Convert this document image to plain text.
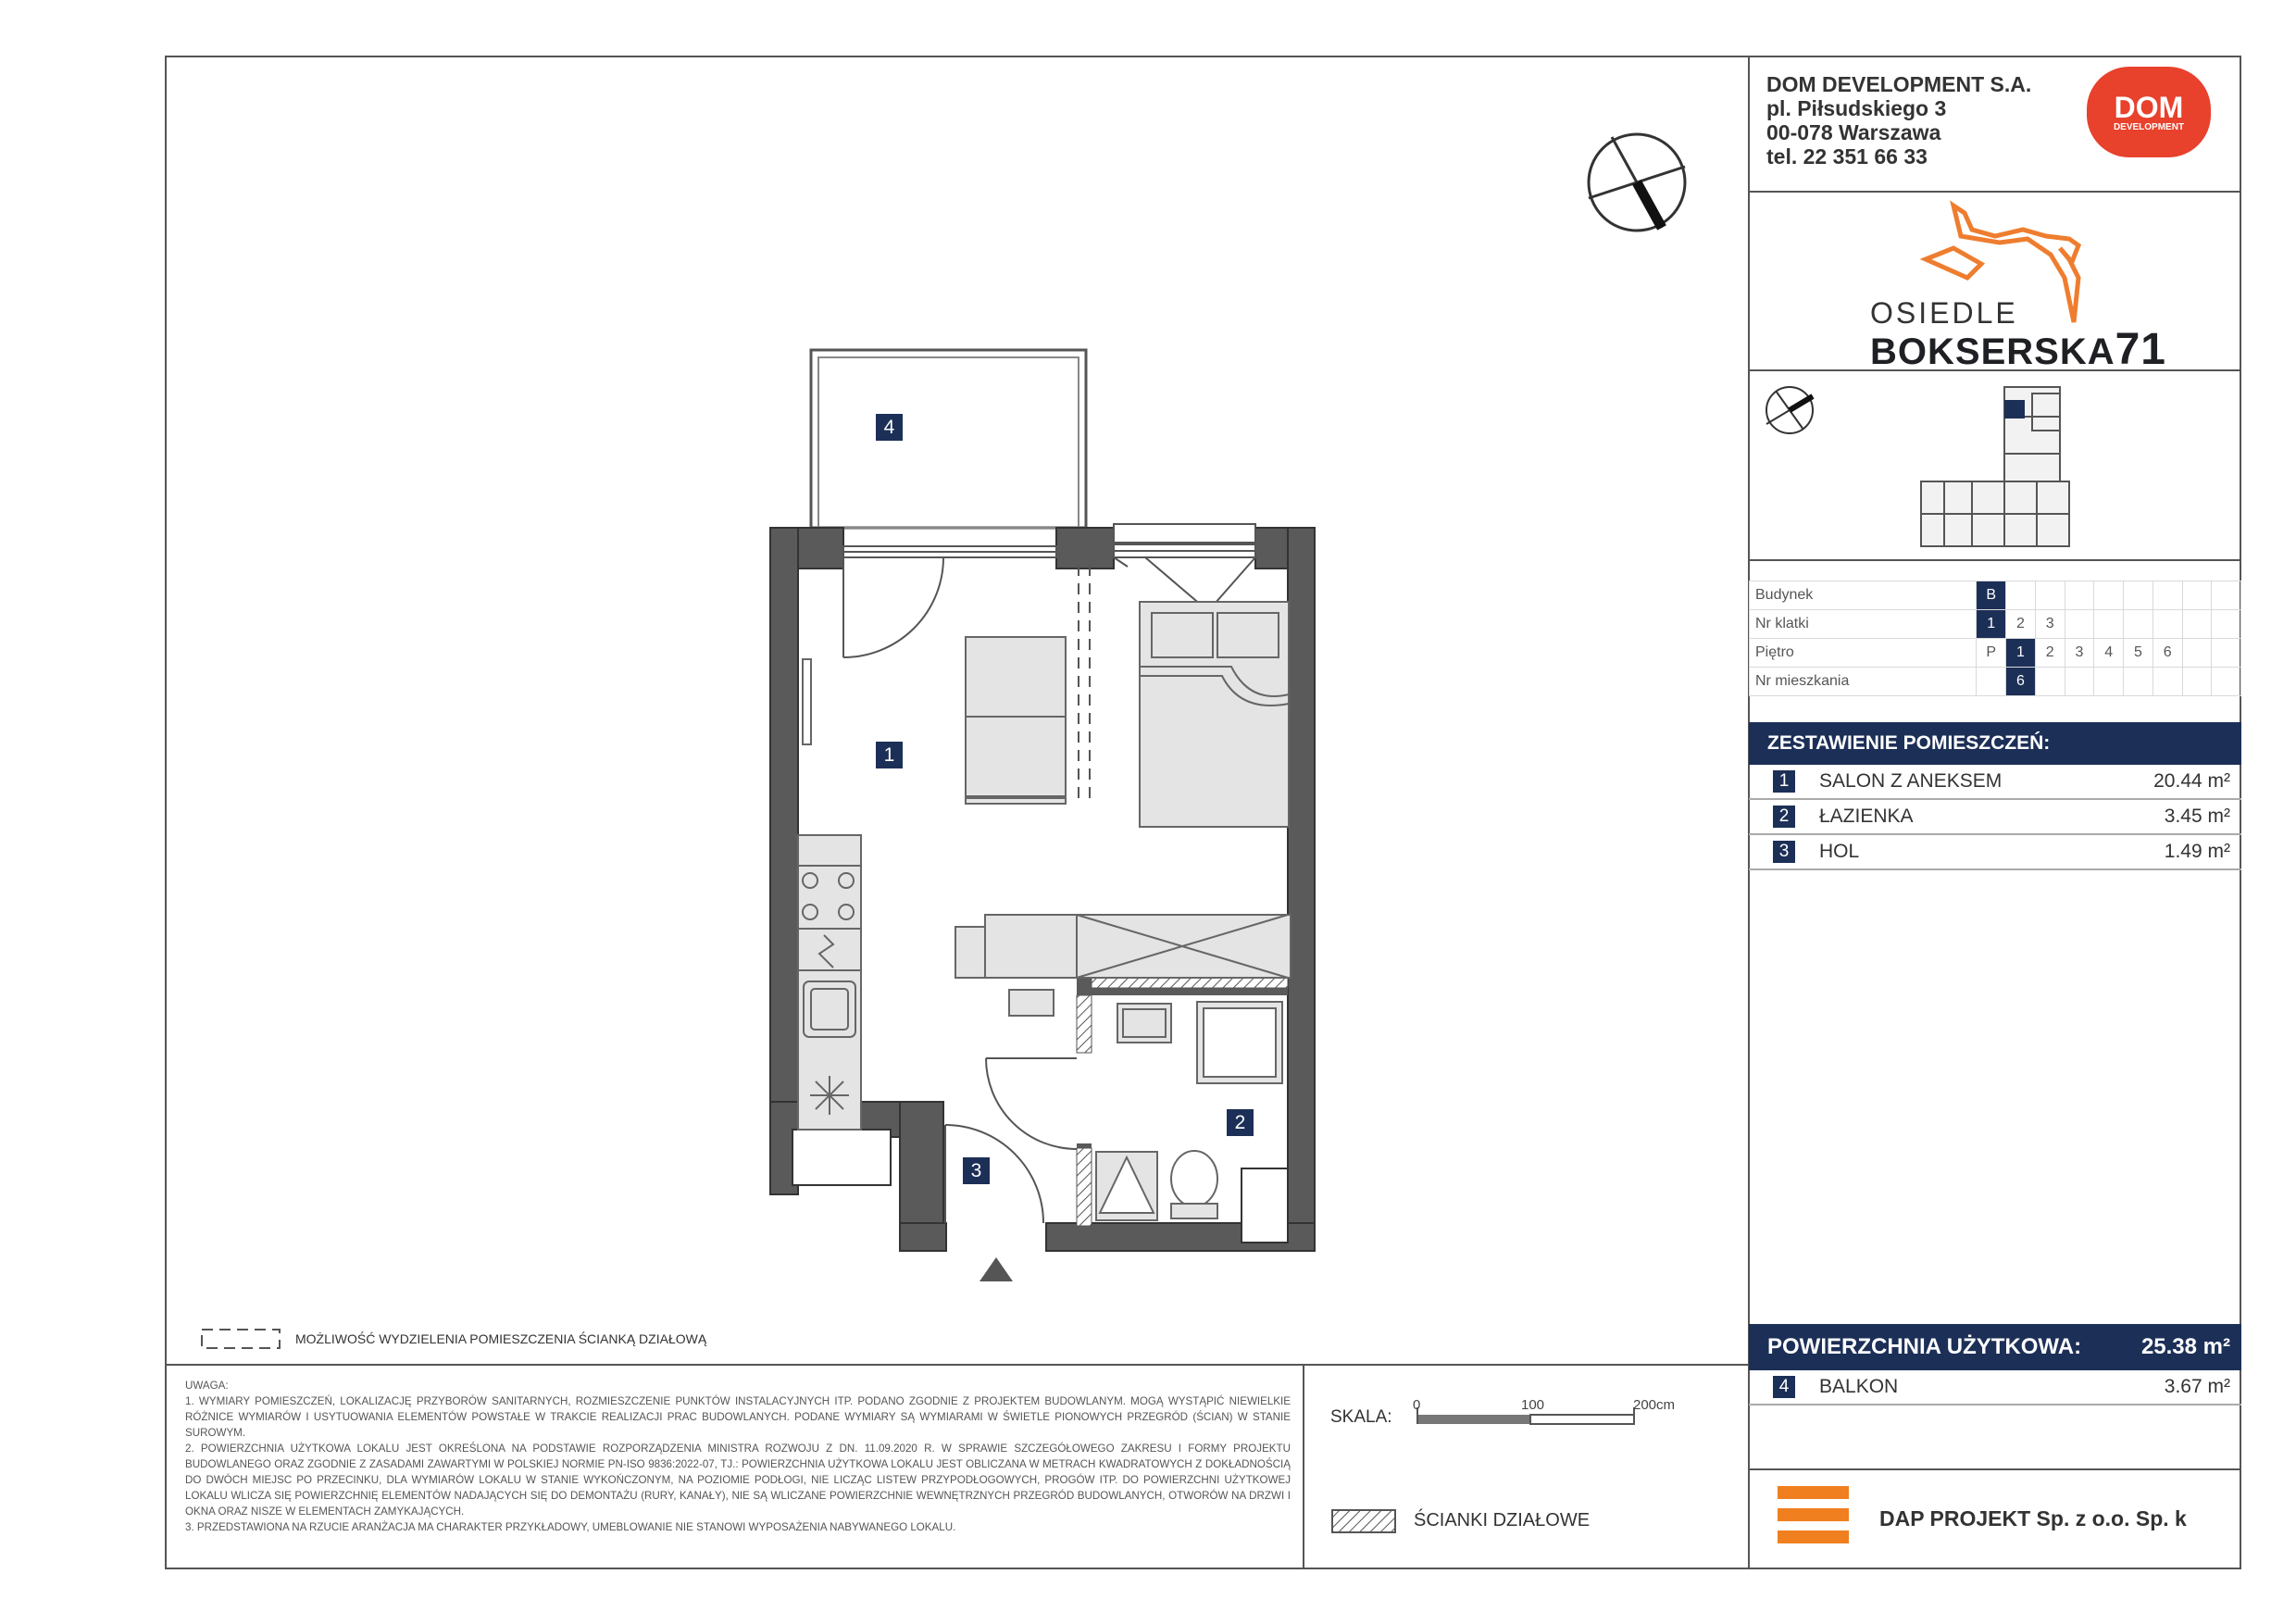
4
1
2
3
MOŻLIWOŚĆ WYDZIELENIA POMIESZCZENIA ŚCIANKĄ DZIAŁOWĄ
DOM DEVELOPMENT S.A.
pl. Piłsudskiego 3
00-078 Warszawa
tel. 22 351 66 33
DOM
DEVELOPMENT
OSIEDLE
BOKSERSKA71
Budynek	B								
Nr klatki	1	2	3						
Piętro	P	1	2	3	4	5	6		
Nr mieszkania		6							
ZESTAWIENIE POMIESZCZEŃ:
1	SALON Z ANEKSEM	20.44 m²
2	ŁAZIENKA	3.45 m²
3	HOL	1.49 m²
POWIERZCHNIA UŻYTKOWA:	25.38 m²
4	BALKON	3.67 m²
UWAGA:
1. WYMIARY POMIESZCZEŃ, LOKALIZACJĘ PRZYBORÓW SANITARNYCH, ROZMIESZCZENIE PUNKTÓW INSTALACYJNYCH ITP. PODANO ZGODNIE Z PROJEKTEM BUDOWLANYM. MOGĄ WYSTĄPIĆ NIEWIELKIE RÓŻNICE WYMIARÓW I USYTUOWANIA ELEMENTÓW POWSTAŁE W TRAKCIE REALIZACJI PRAC BUDOWLANYCH. PODANE WYMIARY SĄ WYMIARAMI W ŚWIETLE PIONOWYCH PRZEGRÓD (ŚCIAN) W STANIE SUROWYM.
2. POWIERZCHNIA UŻYTKOWA LOKALU JEST OKREŚLONA NA PODSTAWIE ROZPORZĄDZENIA MINISTRA ROZWOJU Z DN. 11.09.2020 R. W SPRAWIE SZCZEGÓŁOWEGO ZAKRESU I FORMY PROJEKTU BUDOWLANEGO ORAZ ZGODNIE Z ZASADAMI ZAWARTYMI W POLSKIEJ NORMIE PN-ISO 9836:2022-07, TJ.: POWIERZCHNIA UŻYTKOWA LOKALU JEST OBLICZANA W METRACH KWADRATOWYCH Z DOKŁADNOŚCIĄ DO DWÓCH MIEJSC PO PRZECINKU, DLA WYMIARÓW LOKALU W STANIE WYKOŃCZONYM, NA POZIOMIE PODŁOGI, NIE LICZĄC LISTEW PRZYPODŁOGOWYCH, PROGÓW ITP. DO POWIERZCHNI UŻYTKOWEJ LOKALU WLICZA SIĘ POWIERZCHNIĘ ELEMENTÓW NADAJĄCYCH SIĘ DO DEMONTAŻU (RURY, KANAŁY), NIE SĄ WLICZANE POWIERZCHNIE WEWNĘTRZNYCH PRZEGRÓD BUDOWLANYCH, OTWORÓW NA DRZWI I OKNA ORAZ NISZE W ELEMENTACH ZAMYKAJĄCYCH.
3. PRZEDSTAWIONA NA RZUCIE ARANŻACJA MA CHARAKTER PRZYKŁADOWY, UMEBLOWANIE NIE STANOWI WYPOSAŻENIA NABYWANEGO LOKALU.
SKALA:
0	100	200cm
ŚCIANKI DZIAŁOWE	DAP PROJEKT Sp. z o.o. Sp. k
